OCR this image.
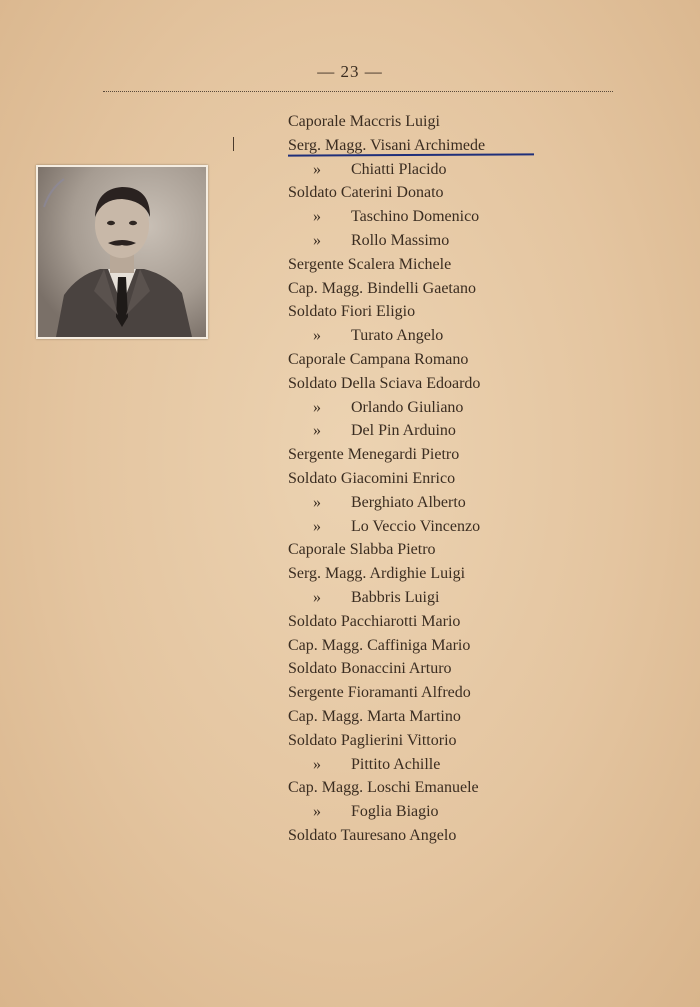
— 23 —
Caporale Maccris Luigi
Serg. Magg. Visani Archimede
» Chiatti Placido
Soldato Caterini Donato
» Taschino Domenico
» Rollo Massimo
Sergente Scalera Michele
Cap. Magg. Bindelli Gaetano
Soldato Fiori Eligio
» Turato Angelo
Caporale Campana Romano
Soldato Della Sciava Edoardo
» Orlando Giuliano
» Del Pin Arduino
Sergente Menegardi Pietro
Soldato Giacomini Enrico
» Berghiato Alberto
» Lo Veccio Vincenzo
Caporale Slabba Pietro
Serg. Magg. Ardighie Luigi
» Babbris Luigi
Soldato Pacchiarotti Mario
Cap. Magg. Caffiniga Mario
Soldato Bonaccini Arturo
Sergente Fioramanti Alfredo
Cap. Magg. Marta Martino
Soldato Paglierini Vittorio
» Pittito Achille
Cap. Magg. Loschi Emanuele
» Foglia Biagio
Soldato Tauresano Angelo
